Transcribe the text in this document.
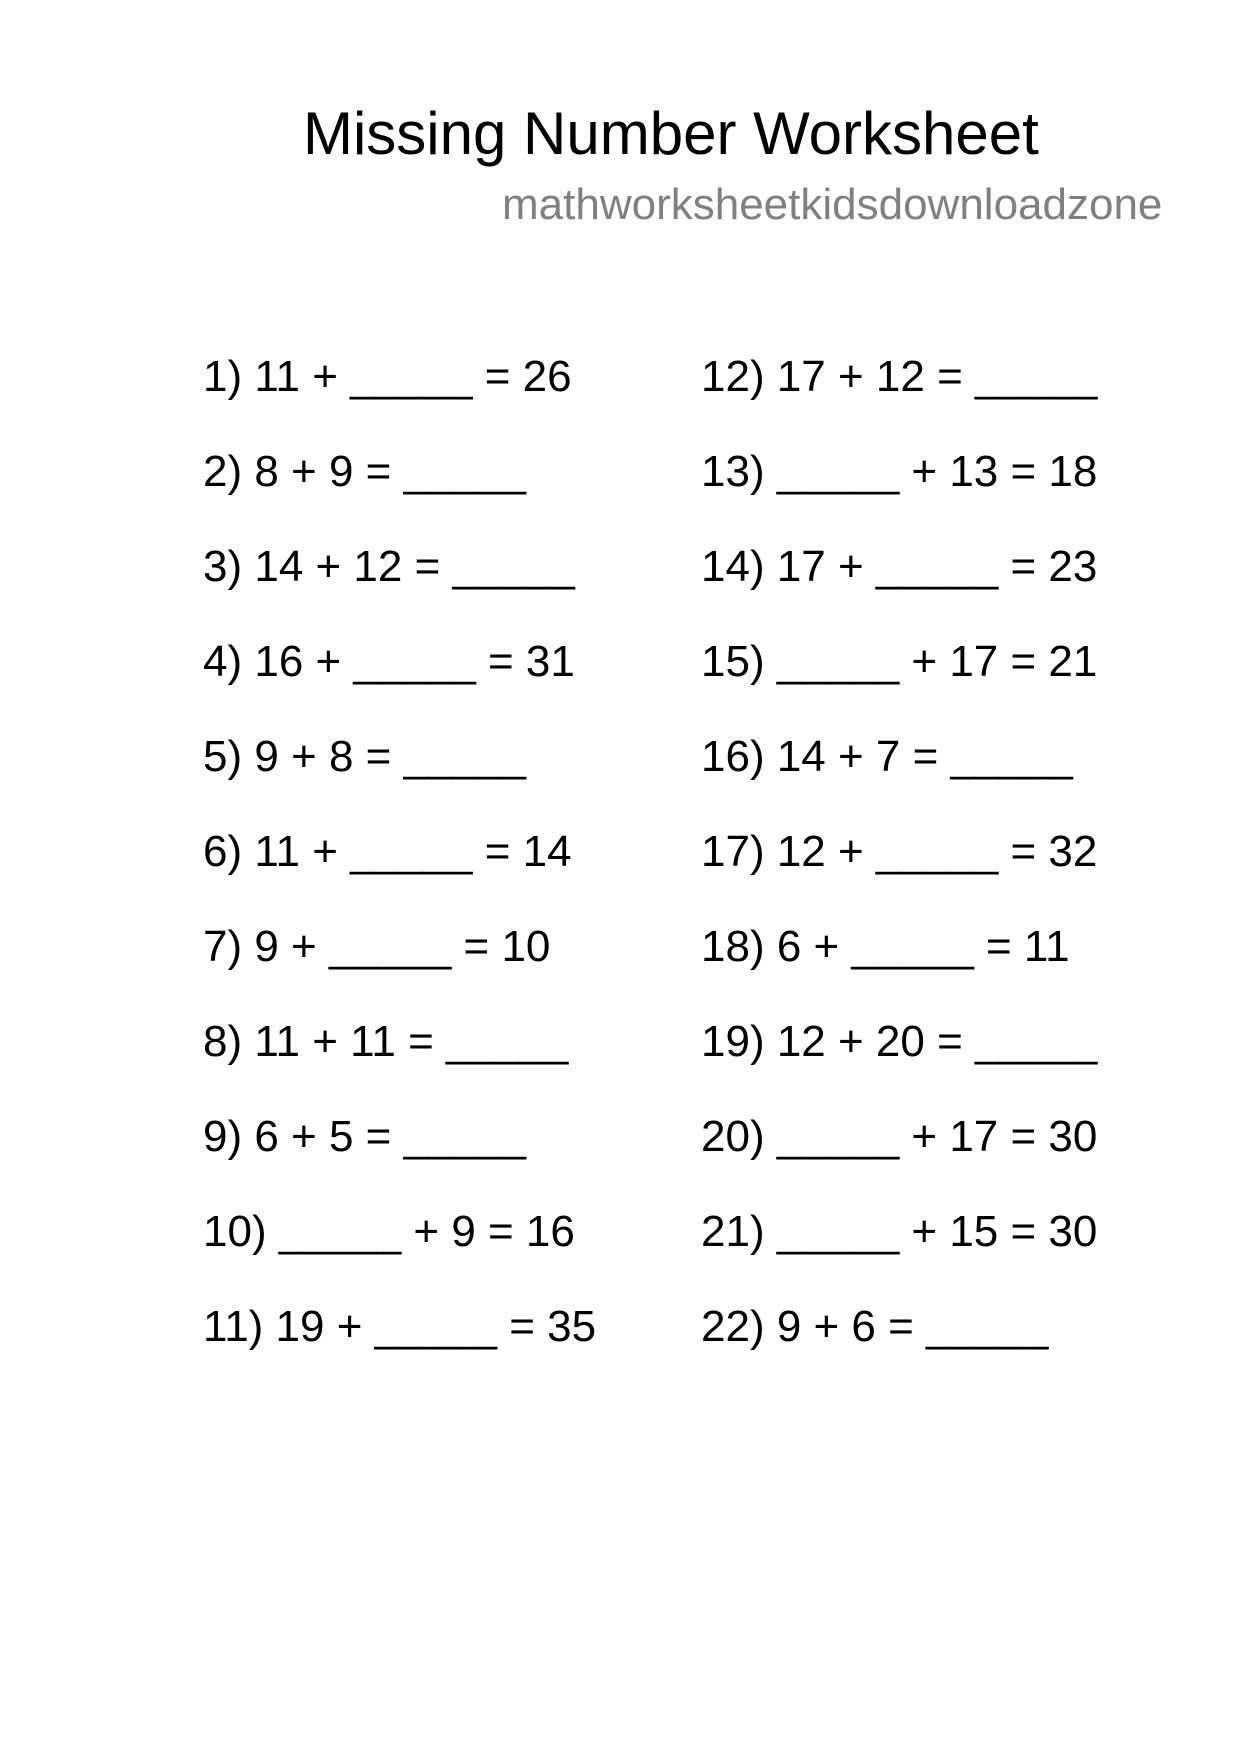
Missing Number Worksheet
mathworksheetkidsdownloadzone
1) 11 + _____ = 26
2) 8 + 9 = _____
3) 14 + 12 = _____
4) 16 + _____ = 31
5) 9 + 8 = _____
6) 11 + _____ = 14
7) 9 + _____ = 10
8) 11 + 11 = _____
9) 6 + 5 = _____
10) _____ + 9 = 16
11) 19 + _____ = 35
12) 17 + 12 = _____
13) _____ + 13 = 18
14) 17 + _____ = 23
15) _____ + 17 = 21
16) 14 + 7 = _____
17) 12 + _____ = 32
18) 6 + _____ = 11
19) 12 + 20 = _____
20) _____ + 17 = 30
21) _____ + 15 = 30
22) 9 + 6 = _____
